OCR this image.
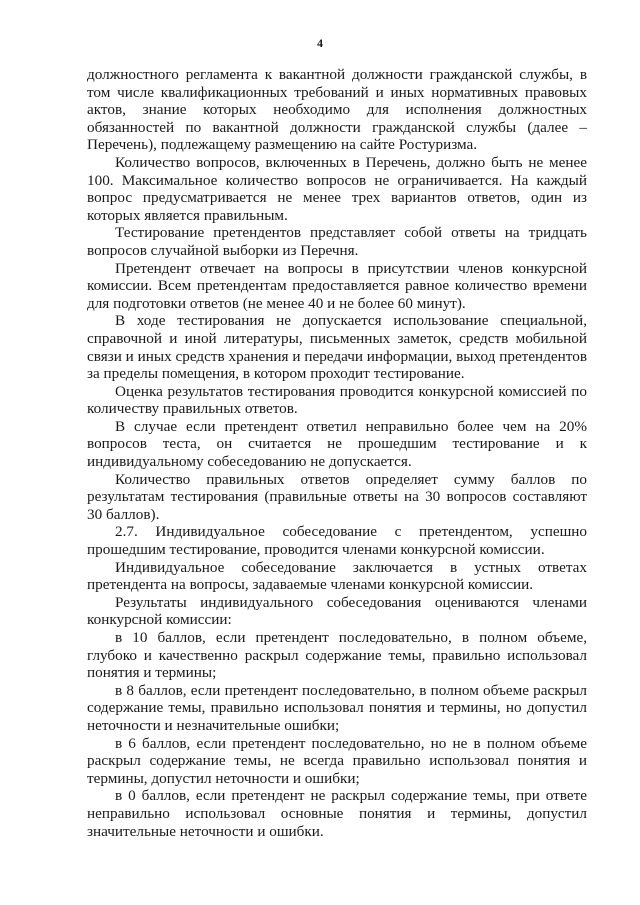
4

должностного регламента к вакантной должности гражданской службы, в том числе квалификационных требований и иных нормативных правовых актов, знание которых необходимо для исполнения должностных обязанностей по вакантной должности гражданской службы (далее – Перечень), подлежащему размещению на сайте Ростуризма.

Количество вопросов, включенных в Перечень, должно быть не менее 100. Максимальное количество вопросов не ограничивается. На каждый вопрос предусматривается не менее трех вариантов ответов, один из которых является правильным.

Тестирование претендентов представляет собой ответы на тридцать вопросов случайной выборки из Перечня.

Претендент отвечает на вопросы в присутствии членов конкурсной комиссии. Всем претендентам предоставляется равное количество времени для подготовки ответов (не менее 40 и не более 60 минут).

В ходе тестирования не допускается использование специальной, справочной и иной литературы, письменных заметок, средств мобильной связи и иных средств хранения и передачи информации, выход претендентов за пределы помещения, в котором проходит тестирование.

Оценка результатов тестирования проводится конкурсной комиссией по количеству правильных ответов.

В случае если претендент ответил неправильно более чем на 20% вопросов теста, он считается не прошедшим тестирование и к индивидуальному собеседованию не допускается.

Количество правильных ответов определяет сумму баллов по результатам тестирования (правильные ответы на 30 вопросов составляют 30 баллов).

2.7. Индивидуальное собеседование с претендентом, успешно прошедшим тестирование, проводится членами конкурсной комиссии.

Индивидуальное собеседование заключается в устных ответах претендента на вопросы, задаваемые членами конкурсной комиссии.

Результаты индивидуального собеседования оцениваются членами конкурсной комиссии:

в 10 баллов, если претендент последовательно, в полном объеме, глубоко и качественно раскрыл содержание темы, правильно использовал понятия и термины;

в 8 баллов, если претендент последовательно, в полном объеме раскрыл содержание темы, правильно использовал понятия и термины, но допустил неточности и незначительные ошибки;

в 6 баллов, если претендент последовательно, но не в полном объеме раскрыл содержание темы, не всегда правильно использовал понятия и термины, допустил неточности и ошибки;

в 0 баллов, если претендент не раскрыл содержание темы, при ответе неправильно использовал основные понятия и термины, допустил значительные неточности и ошибки.
